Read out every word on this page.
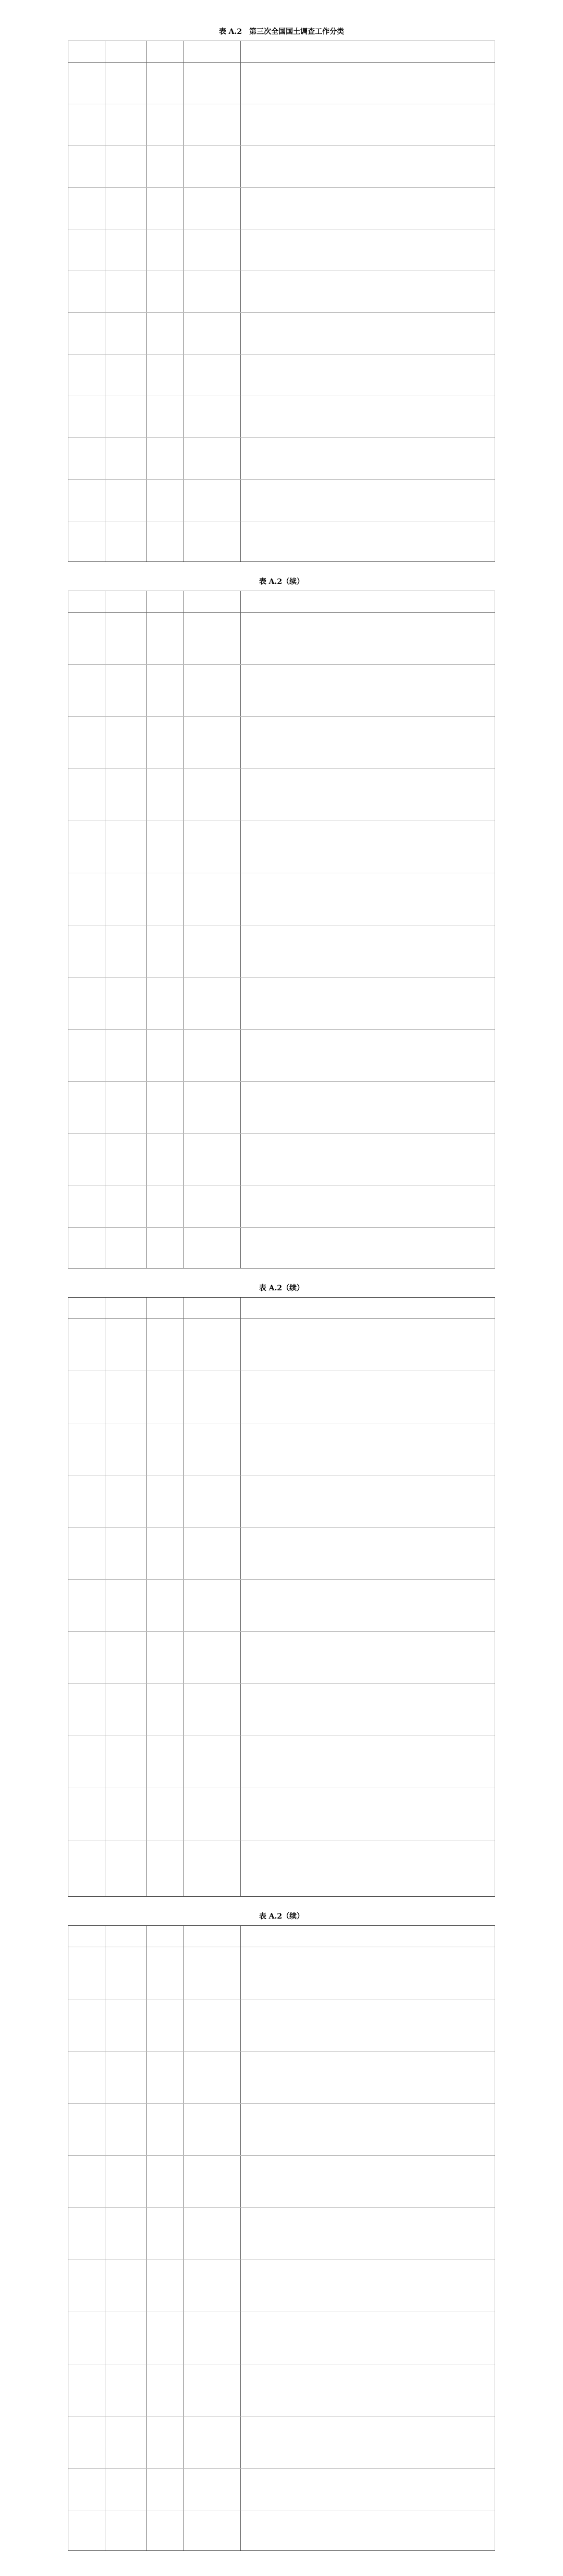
表 A.2　第三次全国国土调查工作分类
表 A.2（续）
表 A.2（续）
表 A.2（续）
